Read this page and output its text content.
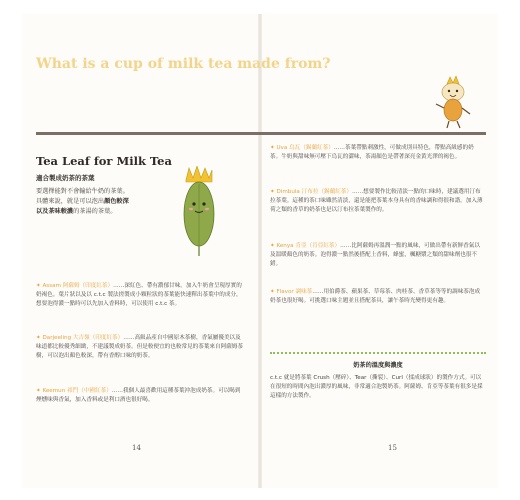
What is a cup of milk tea made from?
Tea Leaf for Milk Tea
適合製成奶茶的茶葉
要選擇能對不會輸給牛奶的茶葉。
具體來說，就是可以泡出顏色較深
以及茶味較濃的茶湯的茶葉。
✦ Assam 阿薩姆（印度紅茶）……深紅色、帶有濃郁甘味。加入牛奶會呈現厚實的奶褐色。葉片狀以及以 c.t.c 製法搓製成小顆粒狀的茶葉能快速釋出茶葉中的成分，想要泡得濃一點時可以先加入香料時，可以使用 c.t.c 茶。
✦ Darjeeling 大吉嶺（印度紅茶）……高級品產自中國原木茶樹，香氣屬優美以及味道都比較優秀細緻，不建議製成奶茶。但是較便宜的也較常見的茶葉來自阿薩姆茶樹，可以泡出顏色較深，帶有香醇口味的奶茶。
✦ Keemun 祁門（中國紅茶）……我個人最喜歡用這種茶葉沖泡成奶茶。可以喝到煙燻味與香氣，加入香料或是利口酒也很好喝。
14
✦ Uva 烏瓦（錫蘭紅茶）……茶葉帶點刺激性，可做成別具特色，帶點高級感的奶茶。牛奶與甜味無可壓下烏瓦的澀味，茶湯顏色是帶著深亮金黃光澤的褐色。
✦ Dimbula 汀布拉（錫蘭紅茶）……想要製作比較清淡一點的口味時，建議選用汀布拉茶葉。這種的茶口味雖然清淡，還是能把茶葉本身具有的香味調和得很和諧。加入薄荷之類的香草的奶茶也是以汀布拉茶葉製作的。
✦ Kenya 肯亞（肯亞紅茶）……比阿薩姆再溫潤一點的風味，可做出帶有新鮮香氣以及溫暖顏色的奶茶。泡得濃一點然後搭配上香料，蜂蜜，楓糖漿之類的甜味劑也很不錯。
✦ Flavor 調味茶……用伯爵茶、蘋果茶、草莓茶、肉桂茶、香草茶等等的調味茶泡成奶茶也很好喝。可挑選口味主題並且搭配茶具，讓午茶時光變得更有趣。
奶茶的溫度與濃度
c.t.c 就是將茶葉 Crush（壓碎）、Tear（撕裂）、Curl（揉成球狀）的製作方式。可以在很短的時間內泡出濃厚的風味，非常適合泡製奶茶。阿薩姆、肯亞等茶葉有很多是採這樣的方法製作。
15
